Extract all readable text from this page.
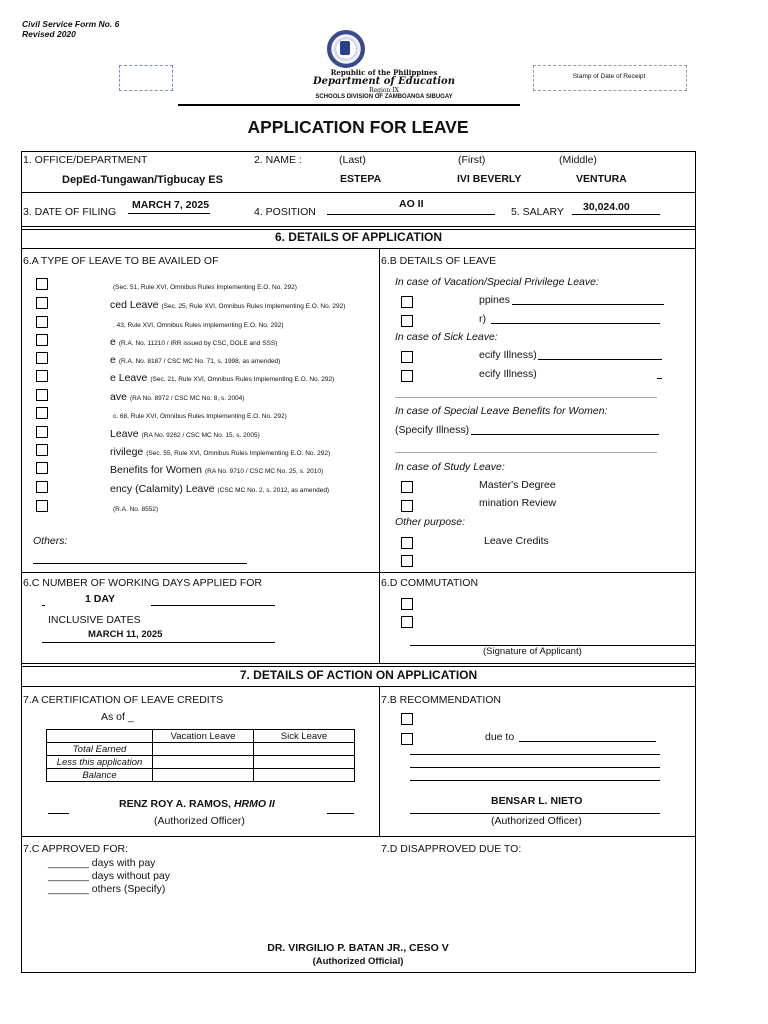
Civil Service Form No. 6
Revised 2020
Republic of the Philippines
Department of Education
Region IX
SCHOOLS DIVISION OF ZAMBOANGA SIBUGAY
Stamp of Date of Receipt
APPLICATION FOR LEAVE
1. OFFICE/DEPARTMENT
DepEd-Tungawan/Tigbucay ES
2. NAME :	(Last)	(First)	(Middle)
ESTEPA	IVI BEVERLY	VENTURA
3. DATE OF FILING
MARCH 7, 2025
4. POSITION
AO II
5. SALARY 30,024.00
6. DETAILS OF APPLICATION
6.A TYPE OF LEAVE TO BE AVAILED OF
(Sec. 51, Rule XVI, Omnibus Rules Implementing E.O. No. 292)
ced Leave (Sec. 25, Rule XVI, Omnibus Rules Implementing E.O. No. 292)
. 43, Rule XVI, Omnibus Rules Implementing E.O. No. 292)
e (R.A. No. 11210 / IRR issued by CSC, DOLE and SSS)
e (R.A. No. 8187 / CSC MC No. 71, s. 1998, as amended)
e Leave (Sec. 21, Rule XVI, Omnibus Rules Implementing E.O. No. 292)
ave (RA No. 8972 / CSC MC No. 8, s. 2004)
c. 68, Rule XVI, Omnibus Rules Implementing E.O. No. 292)
Leave (RA No. 9262 / CSC MC No. 15, s. 2005)
rivilege (Sec. 55, Rule XVI, Omnibus Rules Implementing E.O. No. 292)
Benefits for Women (RA No. 9710 / CSC MC No. 25, s. 2010)
ency (Calamity) Leave (CSC MC No. 2, s. 2012, as amended)
(R.A. No. 8552)
Others:
6.B DETAILS OF LEAVE
In case of Vacation/Special Privilege Leave:
ppines
r)
In case of Sick Leave:
ecify Illness)
ecify Illness)
In case of Special Leave Benefits for Women:
(Specify Illness)
In case of Study Leave:
Master's Degree
mination Review
Other purpose:
Leave Credits
6.C NUMBER OF WORKING DAYS APPLIED FOR
1 DAY
INCLUSIVE DATES
MARCH 11, 2025
6.D COMMUTATION
(Signature of Applicant)
7. DETAILS OF ACTION ON APPLICATION
7.A CERTIFICATION OF LEAVE CREDITS
As of _
	Vacation Leave	Sick Leave
Total Earned		
Less this application		
Balance		
RENZ ROY A. RAMOS, HRMO II
(Authorized Officer)
7.B RECOMMENDATION
due to
BENSAR L. NIETO
(Authorized Officer)
7.C APPROVED FOR:
_______ days with pay
_______ days without pay
_______ others (Specify)
7.D DISAPPROVED DUE TO:
DR. VIRGILIO P. BATAN JR., CESO V
(Authorized Official)
